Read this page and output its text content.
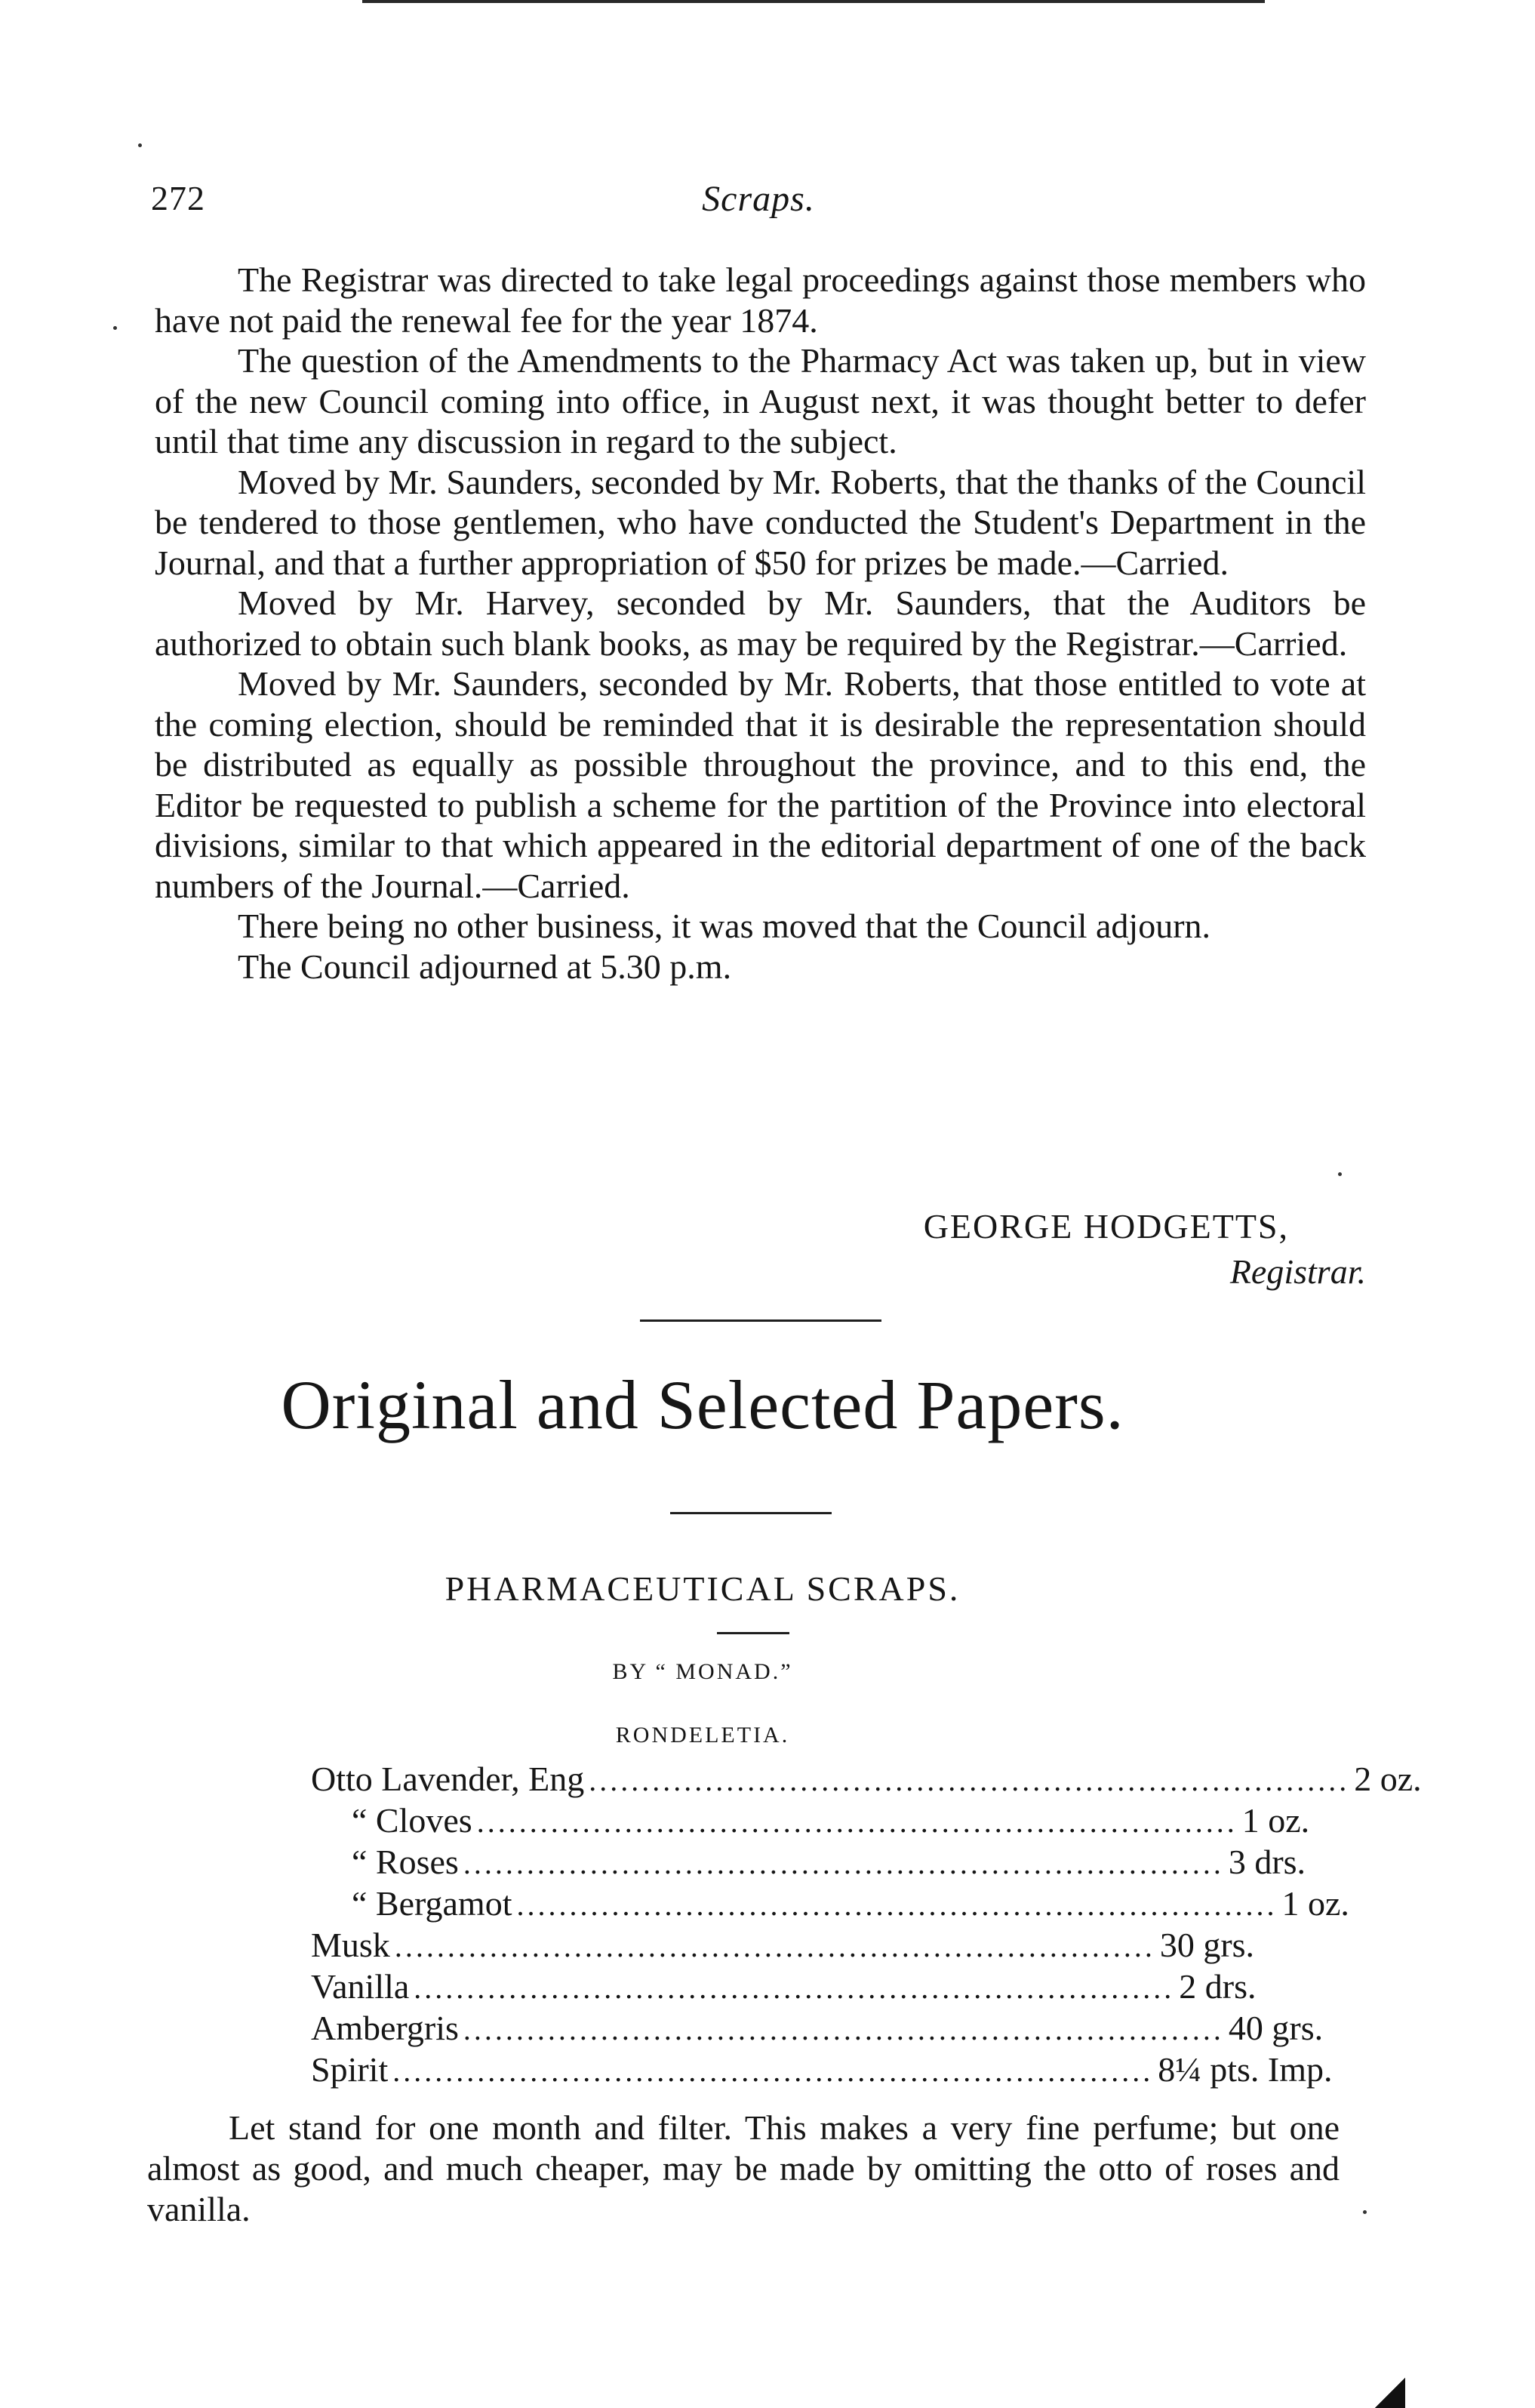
272	Scraps.

The Registrar was directed to take legal proceedings against those members who have not paid the renewal fee for the year 1874.

The question of the Amendments to the Pharmacy Act was taken up, but in view of the new Council coming into office, in August next, it was thought better to defer until that time any discussion in regard to the subject.

Moved by Mr. Saunders, seconded by Mr. Roberts, that the thanks of the Council be tendered to those gentlemen, who have conducted the Student's Department in the Journal, and that a further appropriation of $50 for prizes be made.—Carried.

Moved by Mr. Harvey, seconded by Mr. Saunders, that the Auditors be authorized to obtain such blank books, as may be required by the Registrar.—Carried.

Moved by Mr. Saunders, seconded by Mr. Roberts, that those entitled to vote at the coming election, should be reminded that it is desirable the representation should be distributed as equally as possible throughout the province, and to this end, the Editor be requested to publish a scheme for the partition of the Province into electoral divisions, similar to that which appeared in the editorial department of one of the back numbers of the Journal.—Carried.

There being no other business, it was moved that the Council adjourn.

The Council adjourned at 5.30 p.m.

GEORGE HODGETTS,
Registrar.
Original and Selected Papers.
PHARMACEUTICAL SCRAPS.
BY “ MONAD.”
RONDELETIA.
Otto Lavender, Eng ........................................................................ 2 oz.
“ Cloves ........................................................................ 1 oz.
“ Roses ........................................................................ 3 drs.
“ Bergamot ........................................................................ 1 oz.
Musk ........................................................................ 30 grs.
Vanilla ........................................................................ 2 drs.
Ambergris ........................................................................ 40 grs.
Spirit ........................................................................ 8¼ pts. Imp.

Let stand for one month and filter. This makes a very fine perfume; but one almost as good, and much cheaper, may be made by omitting the otto of roses and vanilla.
